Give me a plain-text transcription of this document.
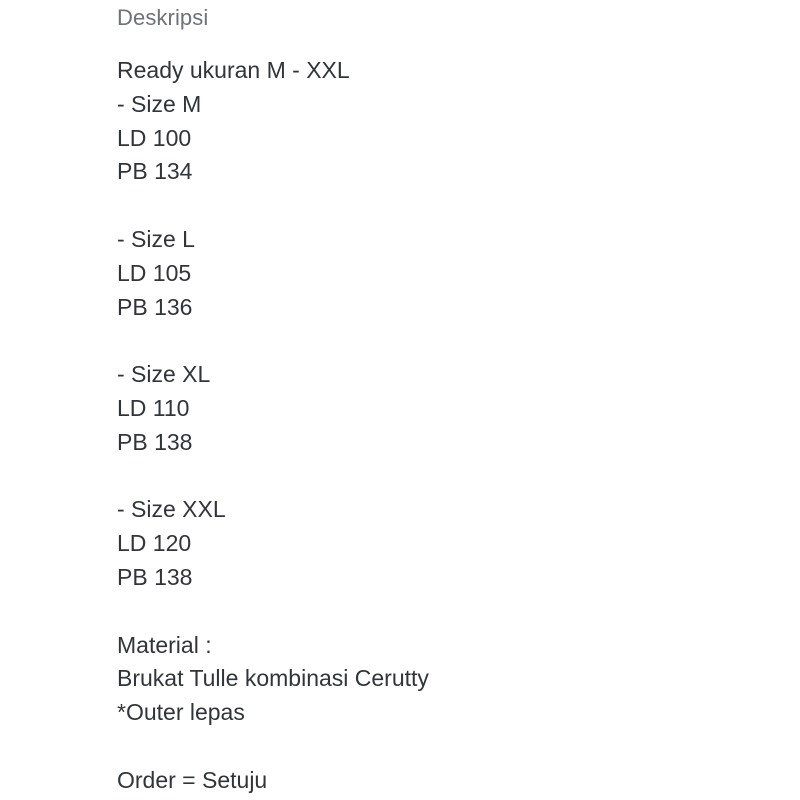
Deskripsi
Ready ukuran M - XXL
- Size M
LD 100
PB 134
- Size L
LD 105
PB 136
- Size XL
LD 110
PB 138
- Size XXL
LD 120
PB 138
Material :
Brukat Tulle kombinasi Cerutty
*Outer lepas
Order = Setuju
